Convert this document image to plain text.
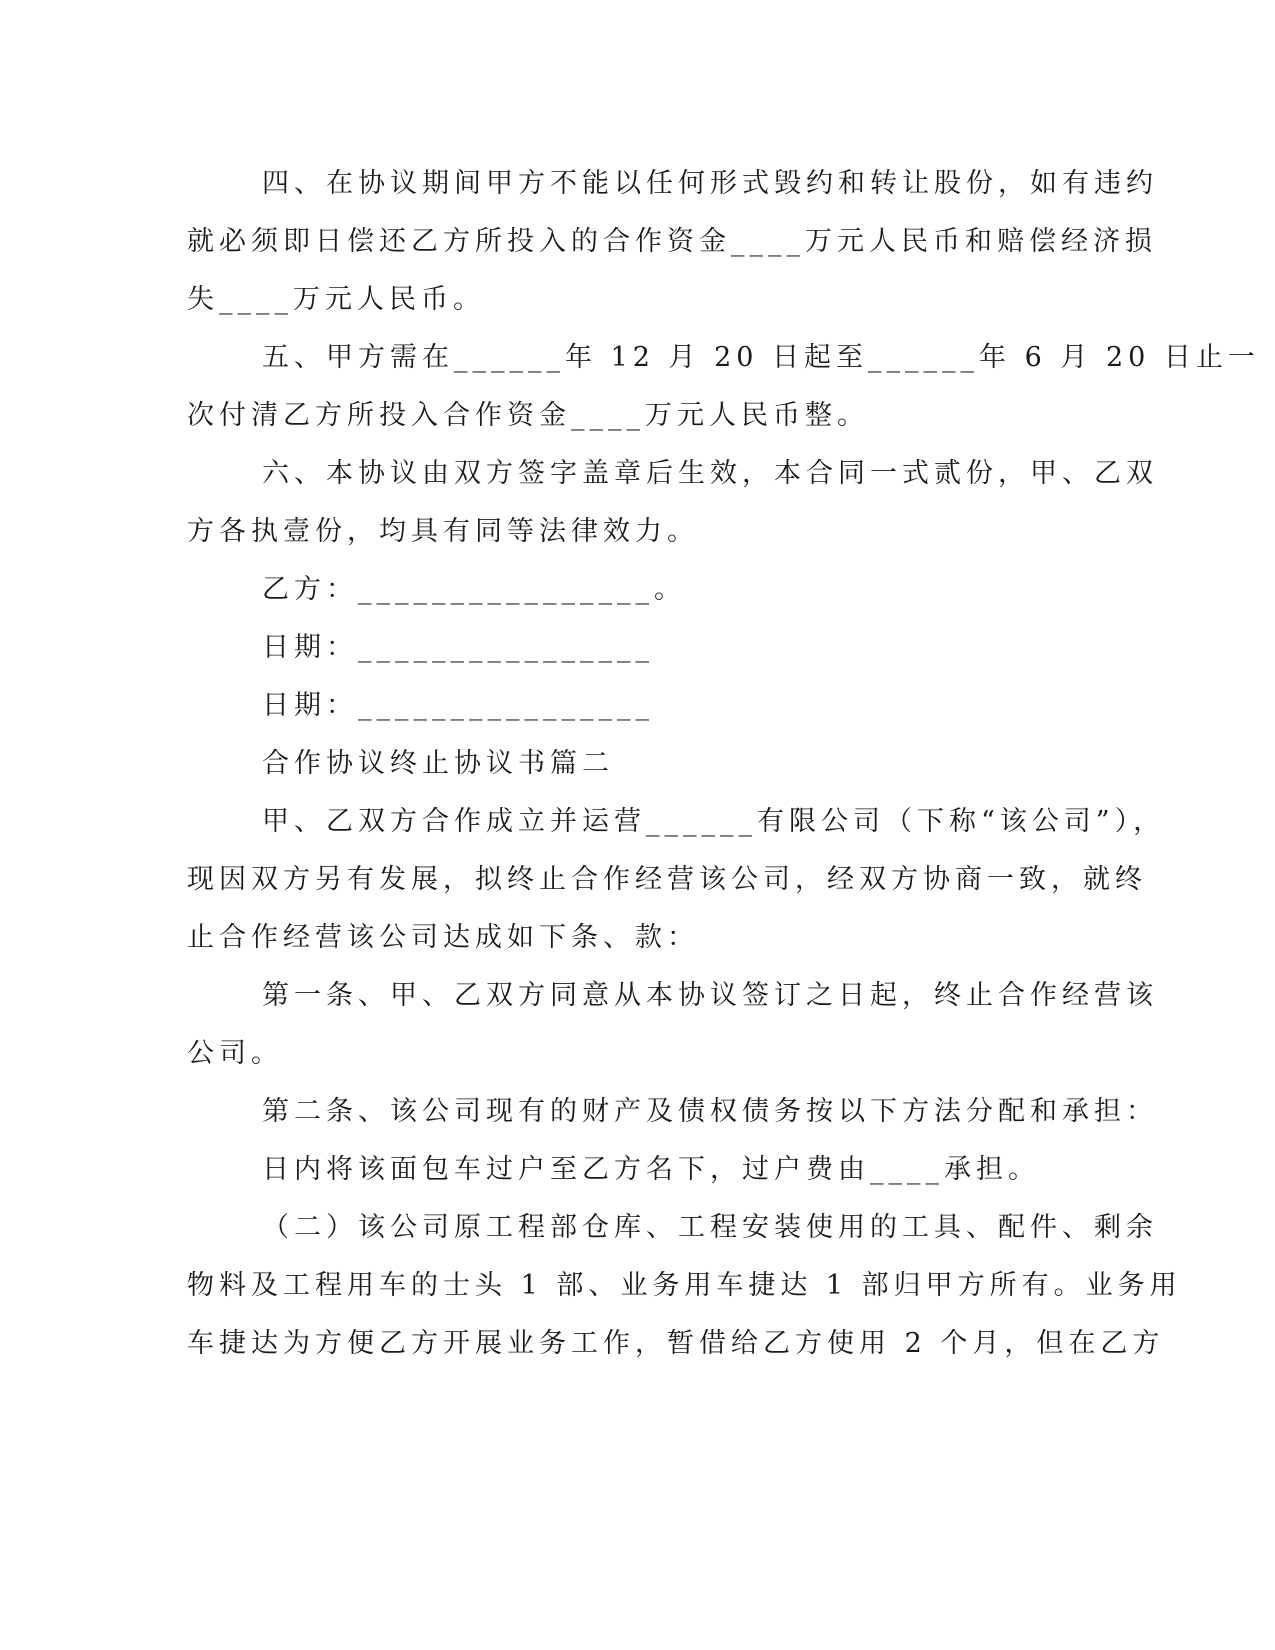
四、在协议期间甲方不能以任何形式毁约和转让股份，如有违约
就必须即日偿还乙方所投入的合作资金____万元人民币和赔偿经济损
失____万元人民币。
五、甲方需在______年 12 月 20 日起至______年 6 月 20 日止一
次付清乙方所投入合作资金____万元人民币整。
六、本协议由双方签字盖章后生效，本合同一式贰份，甲、乙双
方各执壹份，均具有同等法律效力。
乙方：________________。
日期：________________
日期：________________
合作协议终止协议书篇二
甲、乙双方合作成立并运营______有限公司（下称“该公司”），
现因双方另有发展，拟终止合作经营该公司，经双方协商一致，就终
止合作经营该公司达成如下条、款：
第一条、甲、乙双方同意从本协议签订之日起，终止合作经营该
公司。
第二条、该公司现有的财产及债权债务按以下方法分配和承担：
日内将该面包车过户至乙方名下，过户费由____承担。
（二）该公司原工程部仓库、工程安装使用的工具、配件、剩余
物料及工程用车的士头 1 部、业务用车捷达 1 部归甲方所有。业务用
车捷达为方便乙方开展业务工作，暂借给乙方使用 2 个月，但在乙方
